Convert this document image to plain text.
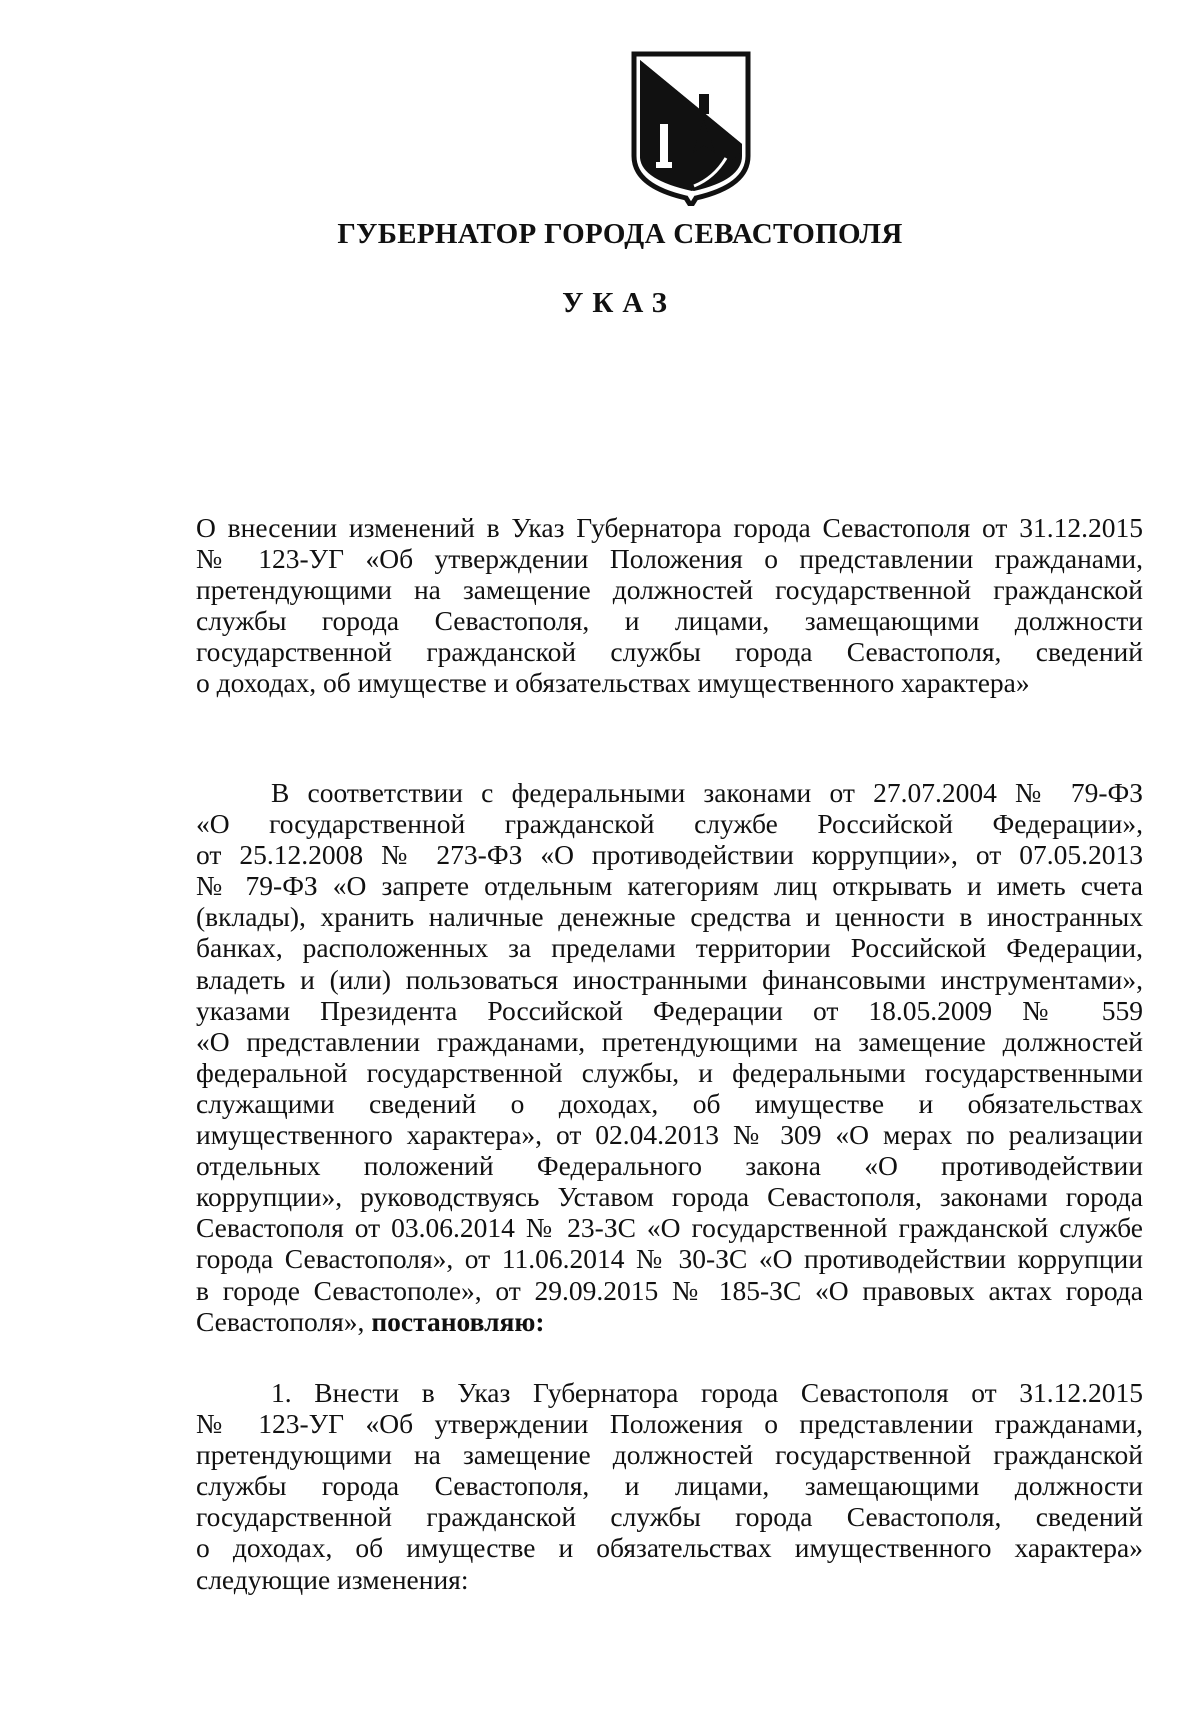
ГУБЕРНАТОР ГОРОДА СЕВАСТОПОЛЯ
УКАЗ
О внесении изменений в Указ Губернатора города Севастополя от 31.12.2015
№ 123-УГ «Об утверждении Положения о представлении гражданами,
претендующими на замещение должностей государственной гражданской
службы города Севастополя, и лицами, замещающими должности
государственной гражданской службы города Севастополя, сведений
о доходах, об имуществе и обязательствах имущественного характера»
В соответствии с федеральными законами от 27.07.2004 № 79-ФЗ
«О государственной гражданской службе Российской Федерации»,
от 25.12.2008 № 273-ФЗ «О противодействии коррупции», от 07.05.2013
№ 79-ФЗ «О запрете отдельным категориям лиц открывать и иметь счета
(вклады), хранить наличные денежные средства и ценности в иностранных
банках, расположенных за пределами территории Российской Федерации,
владеть и (или) пользоваться иностранными финансовыми инструментами»,
указами Президента Российской Федерации от 18.05.2009 № 559
«О представлении гражданами, претендующими на замещение должностей
федеральной государственной службы, и федеральными государственными
служащими сведений о доходах, об имуществе и обязательствах
имущественного характера», от 02.04.2013 № 309 «О мерах по реализации
отдельных положений Федерального закона «О противодействии
коррупции», руководствуясь Уставом города Севастополя, законами города
Севастополя от 03.06.2014 № 23-ЗС «О государственной гражданской службе
города Севастополя», от 11.06.2014 № 30-ЗС «О противодействии коррупции
в городе Севастополе», от 29.09.2015 № 185-ЗС «О правовых актах города
Севастополя», постановляю:
1. Внести в Указ Губернатора города Севастополя от 31.12.2015
№ 123-УГ «Об утверждении Положения о представлении гражданами,
претендующими на замещение должностей государственной гражданской
службы города Севастополя, и лицами, замещающими должности
государственной гражданской службы города Севастополя, сведений
о доходах, об имуществе и обязательствах имущественного характера»
следующие изменения:
